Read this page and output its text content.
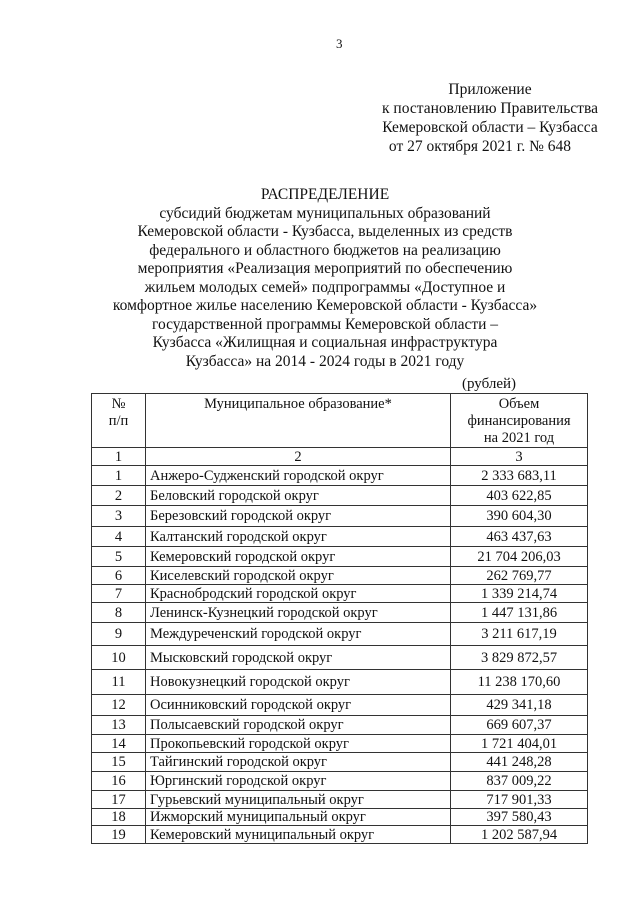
3
Приложение
к постановлению Правительства
Кемеровской области – Кузбасса
от 27 октября 2021 г. № 648
РАСПРЕДЕЛЕНИЕ
субсидий бюджетам муниципальных образований
Кемеровской области - Кузбасса, выделенных из средств
федерального и областного бюджетов на реализацию
мероприятия «Реализация мероприятий по обеспечению
жильем молодых семей» подпрограммы «Доступное и
комфортное жилье населению Кемеровской области - Кузбасса»
государственной программы Кемеровской области –
Кузбасса «Жилищная и социальная инфраструктура
Кузбасса» на 2014 - 2024 годы в 2021 году
(рублей)
№
п/п
	Муниципальное образование*	Объем
финансирования
на 2021 год

1	2	3
1	Анжеро-Судженский городской округ	2 333 683,11
2	Беловский городской округ	403 622,85
3	Березовский городской округ	390 604,30
4	Калтанский городской округ	463 437,63
5	Кемеровский городской округ	21 704 206,03
6	Киселевский городской округ	262 769,77
7	Краснобродский городской округ	1 339 214,74
8	Ленинск-Кузнецкий городской округ	1 447 131,86
9	Междуреченский городской округ	3 211 617,19
10	Мысковский городской округ	3 829 872,57
11	Новокузнецкий городской округ	11 238 170,60
12	Осинниковский городской округ	429 341,18
13	Полысаевский городской округ	669 607,37
14	Прокопьевский городской округ	1 721 404,01
15	Тайгинский городской округ	441 248,28
16	Юргинский городской округ	837 009,22
17	Гурьевский муниципальный округ	717 901,33
18	Ижморский муниципальный округ	397 580,43
19	Кемеровский муниципальный округ	1 202 587,94
